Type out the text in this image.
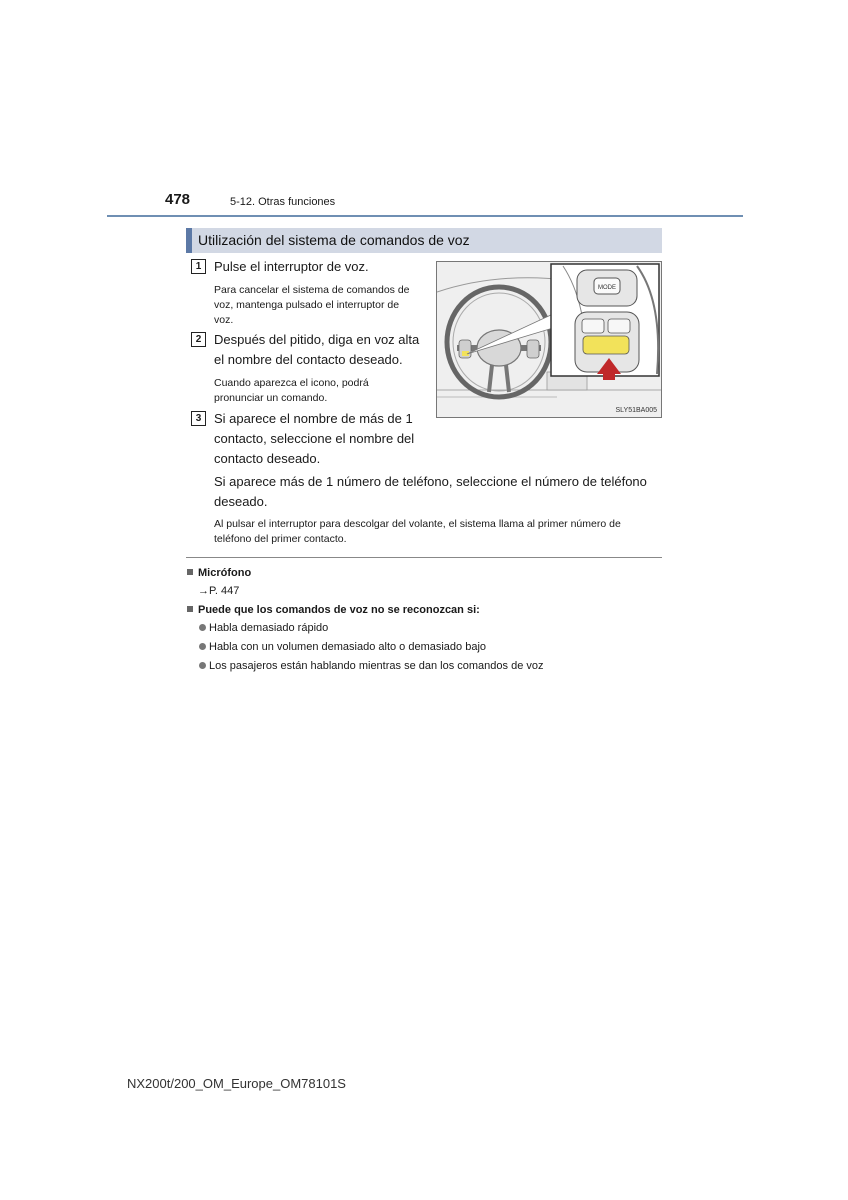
478	5-12. Otras funciones
Utilización del sistema de comandos de voz
1 Pulse el interruptor de voz.
Para cancelar el sistema de comandos de
voz, mantenga pulsado el interruptor de
voz.
2 Después del pitido, diga en voz alta
el nombre del contacto deseado.
Cuando aparezca el icono, podrá
pronunciar un comando.
3 Si aparece el nombre de más de 1
contacto, seleccione el nombre del
contacto deseado.
Si aparece más de 1 número de teléfono, seleccione el número de teléfono
deseado.
Al pulsar el interruptor para descolgar del volante, el sistema llama al primer número de
teléfono del primer contacto.
MODE
SLY51BA005
Micrófono
→P. 447
Puede que los comandos de voz no se reconozcan si:
Habla demasiado rápido
Habla con un volumen demasiado alto o demasiado bajo
Los pasajeros están hablando mientras se dan los comandos de voz
NX200t/200_OM_Europe_OM78101S
